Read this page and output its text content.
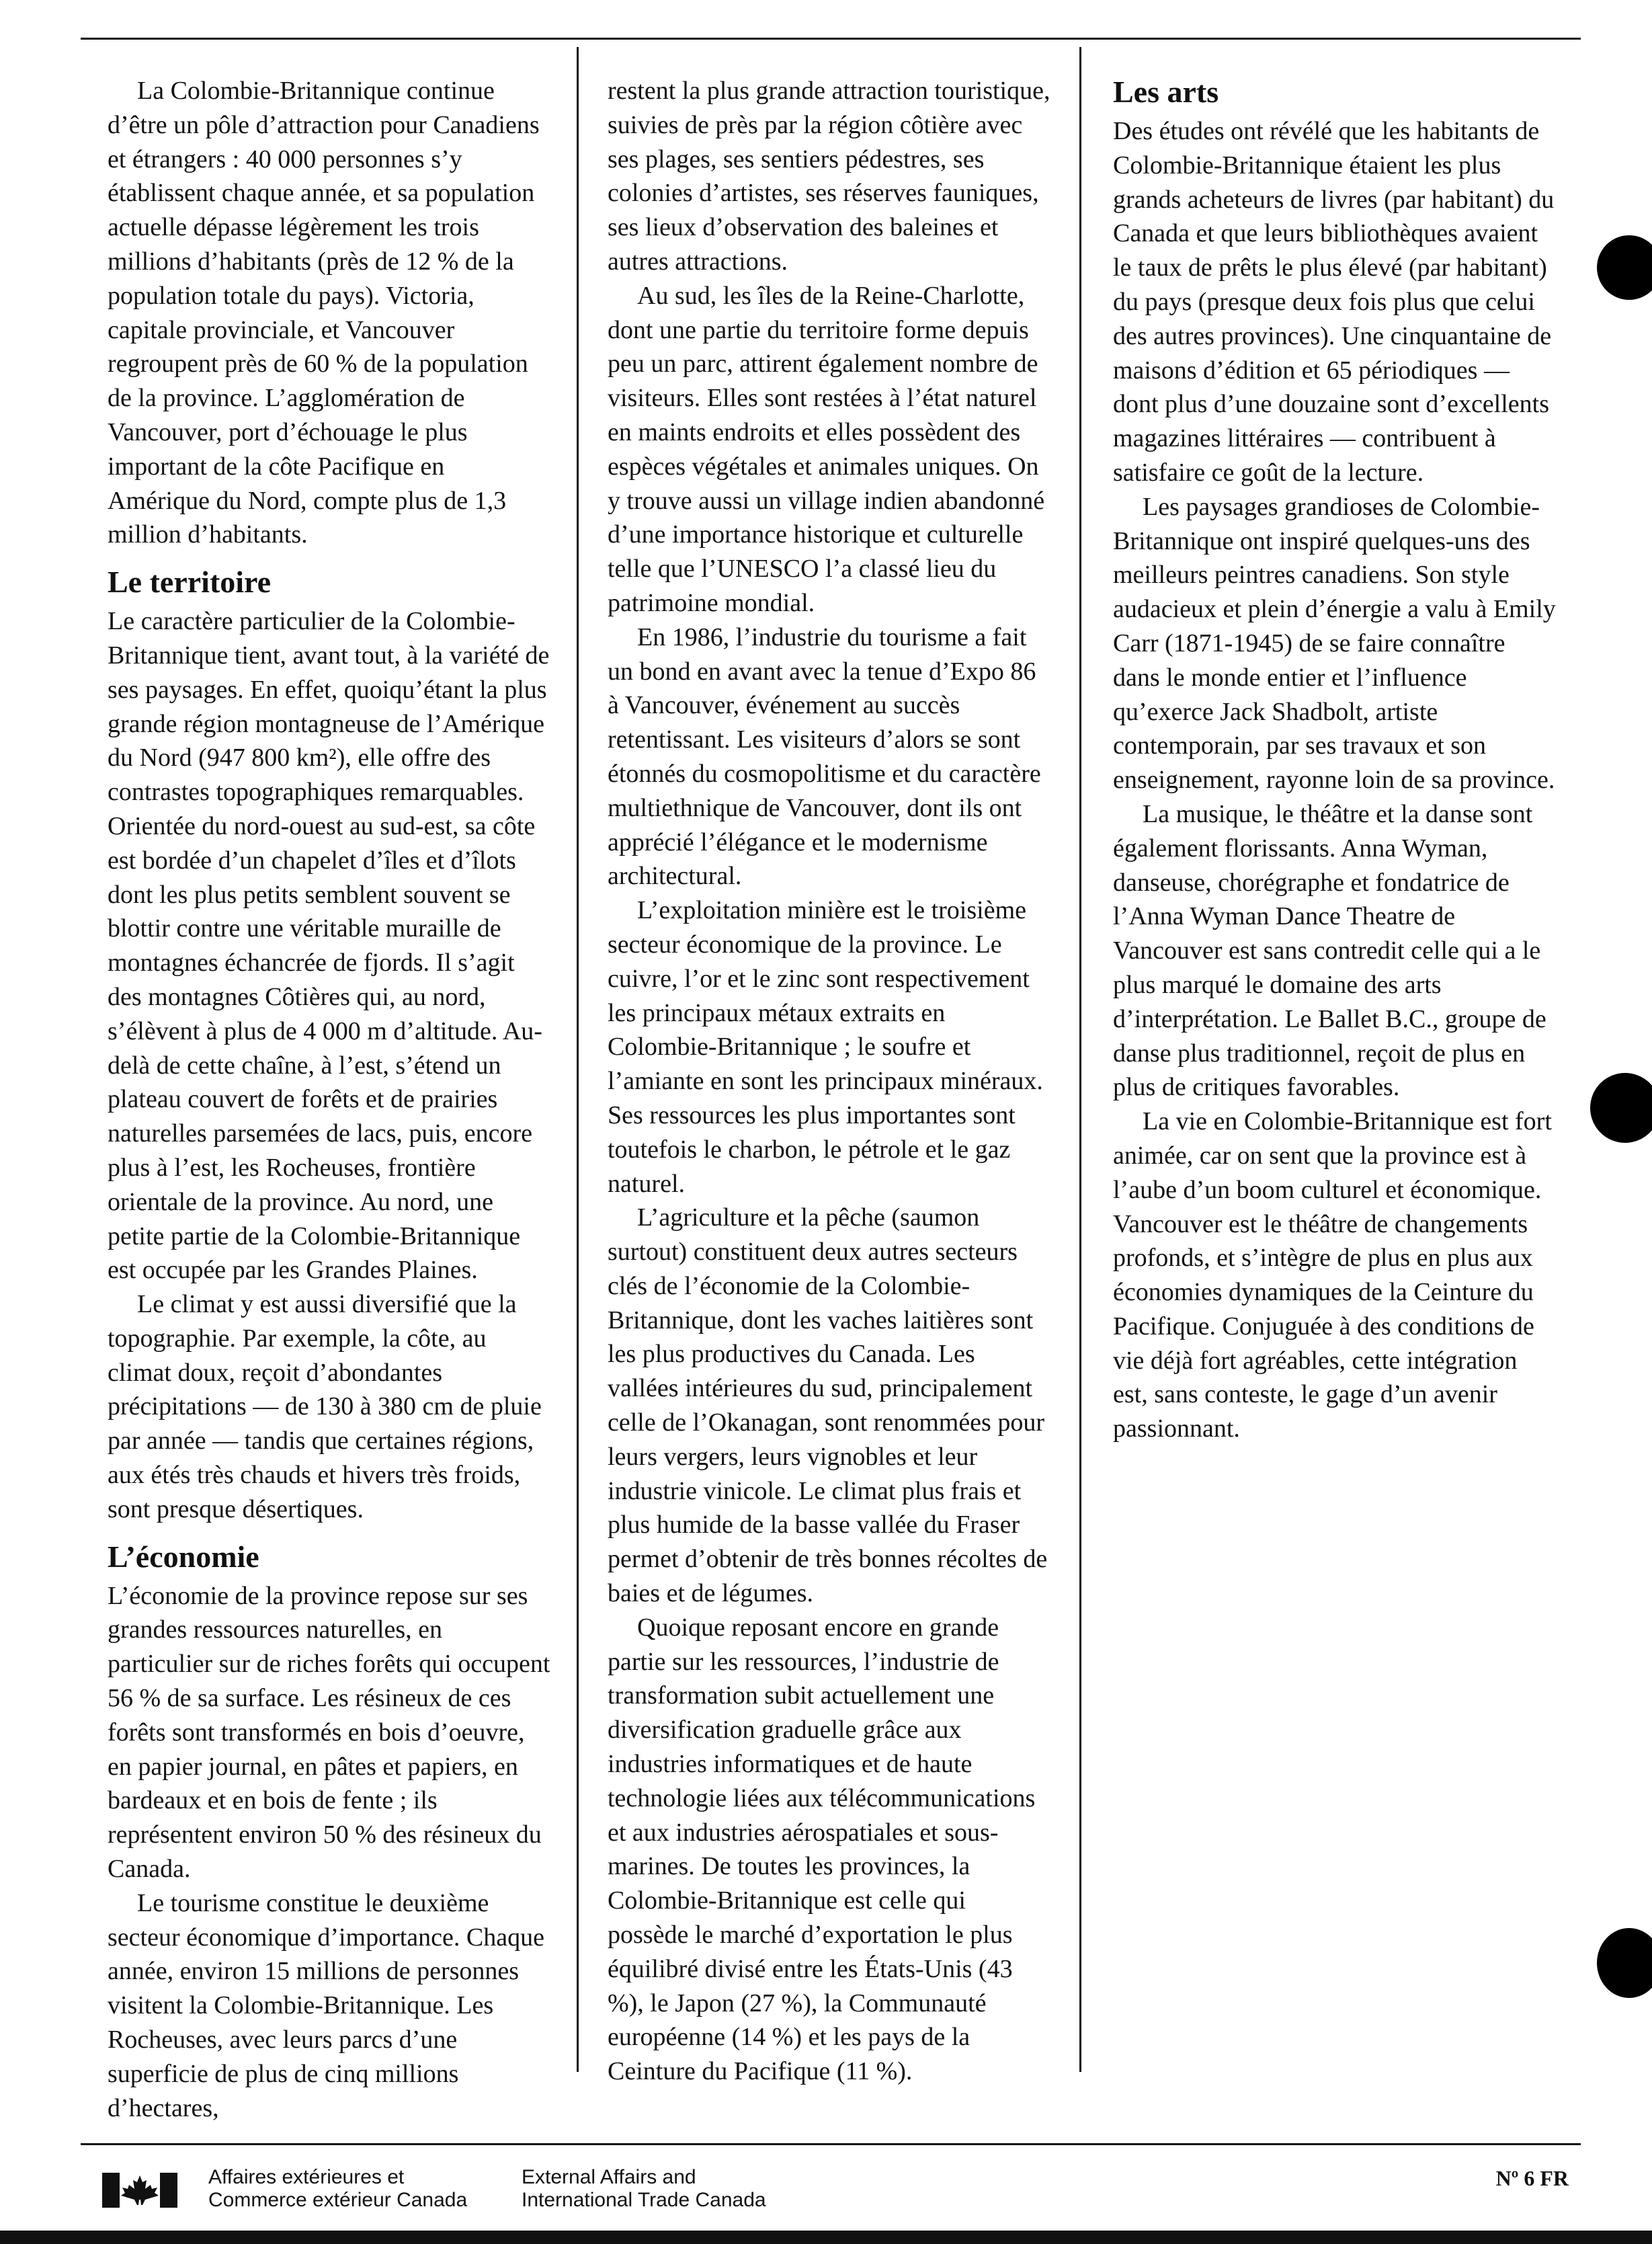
La Colombie-Britannique continue d’être un pôle d’attraction pour Canadiens et étrangers : 40 000 personnes s’y établissent chaque année, et sa population actuelle dépasse légèrement les trois millions d’habitants (près de 12 % de la population totale du pays). Victoria, capitale provinciale, et Vancouver regroupent près de 60 % de la population de la province. L’agglomération de Vancouver, port d’échouage le plus important de la côte Pacifique en Amérique du Nord, compte plus de 1,3 million d’habitants.

Le territoire

Le caractère particulier de la Colombie-Britannique tient, avant tout, à la variété de ses paysages. En effet, quoiqu’étant la plus grande région montagneuse de l’Amérique du Nord (947 800 km²), elle offre des contrastes topographiques remarquables. Orientée du nord-ouest au sud-est, sa côte est bordée d’un chapelet d’îles et d’îlots dont les plus petits semblent souvent se blottir contre une véritable muraille de montagnes échancrée de fjords. Il s’agit des montagnes Côtières qui, au nord, s’élèvent à plus de 4 000 m d’altitude. Au-delà de cette chaîne, à l’est, s’étend un plateau couvert de forêts et de prairies naturelles parsemées de lacs, puis, encore plus à l’est, les Rocheuses, frontière orientale de la province. Au nord, une petite partie de la Colombie-Britannique est occupée par les Grandes Plaines.

Le climat y est aussi diversifié que la topographie. Par exemple, la côte, au climat doux, reçoit d’abondantes précipitations — de 130 à 380 cm de pluie par année — tandis que certaines régions, aux étés très chauds et hivers très froids, sont presque désertiques.

L’économie

L’économie de la province repose sur ses grandes ressources naturelles, en particulier sur de riches forêts qui occupent 56 % de sa surface. Les résineux de ces forêts sont transformés en bois d’oeuvre, en papier journal, en pâtes et papiers, en bardeaux et en bois de fente ; ils représentent environ 50 % des résineux du Canada.

Le tourisme constitue le deuxième secteur économique d’importance. Chaque année, environ 15 millions de personnes visitent la Colombie-Britannique. Les Rocheuses, avec leurs parcs d’une superficie de plus de cinq millions d’hectares,

restent la plus grande attraction touristique, suivies de près par la région côtière avec ses plages, ses sentiers pédestres, ses colonies d’artistes, ses réserves fauniques, ses lieux d’observation des baleines et autres attractions.

Au sud, les îles de la Reine-Charlotte, dont une partie du territoire forme depuis peu un parc, attirent également nombre de visiteurs. Elles sont restées à l’état naturel en maints endroits et elles possèdent des espèces végétales et animales uniques. On y trouve aussi un village indien abandonné d’une importance historique et culturelle telle que l’UNESCO l’a classé lieu du patrimoine mondial.

En 1986, l’industrie du tourisme a fait un bond en avant avec la tenue d’Expo 86 à Vancouver, événement au succès retentissant. Les visiteurs d’alors se sont étonnés du cosmopolitisme et du caractère multiethnique de Vancouver, dont ils ont apprécié l’élégance et le modernisme architectural.

L’exploitation minière est le troisième secteur économique de la province. Le cuivre, l’or et le zinc sont respectivement les principaux métaux extraits en Colombie-Britannique ; le soufre et l’amiante en sont les principaux minéraux. Ses ressources les plus importantes sont toutefois le charbon, le pétrole et le gaz naturel.

L’agriculture et la pêche (saumon surtout) constituent deux autres secteurs clés de l’économie de la Colombie-Britannique, dont les vaches laitières sont les plus productives du Canada. Les vallées intérieures du sud, principalement celle de l’Okanagan, sont renommées pour leurs vergers, leurs vignobles et leur industrie vinicole. Le climat plus frais et plus humide de la basse vallée du Fraser permet d’obtenir de très bonnes récoltes de baies et de légumes.

Quoique reposant encore en grande partie sur les ressources, l’industrie de transformation subit actuellement une diversification graduelle grâce aux industries informatiques et de haute technologie liées aux télécommunications et aux industries aérospatiales et sous-marines. De toutes les provinces, la Colombie-Britannique est celle qui possède le marché d’exportation le plus équilibré divisé entre les États-Unis (43 %), le Japon (27 %), la Communauté européenne (14 %) et les pays de la Ceinture du Pacifique (11 %).

Les arts

Des études ont révélé que les habitants de Colombie-Britannique étaient les plus grands acheteurs de livres (par habitant) du Canada et que leurs bibliothèques avaient le taux de prêts le plus élevé (par habitant) du pays (presque deux fois plus que celui des autres provinces). Une cinquantaine de maisons d’édition et 65 périodiques — dont plus d’une douzaine sont d’excellents magazines littéraires — contribuent à satisfaire ce goût de la lecture.

Les paysages grandioses de Colombie-Britannique ont inspiré quelques-uns des meilleurs peintres canadiens. Son style audacieux et plein d’énergie a valu à Emily Carr (1871-1945) de se faire connaître dans le monde entier et l’influence qu’exerce Jack Shadbolt, artiste contemporain, par ses travaux et son enseignement, rayonne loin de sa province.

La musique, le théâtre et la danse sont également florissants. Anna Wyman, danseuse, chorégraphe et fondatrice de l’Anna Wyman Dance Theatre de Vancouver est sans contredit celle qui a le plus marqué le domaine des arts d’interprétation. Le Ballet B.C., groupe de danse plus traditionnel, reçoit de plus en plus de critiques favorables.

La vie en Colombie-Britannique est fort animée, car on sent que la province est à l’aube d’un boom culturel et économique. Vancouver est le théâtre de changements profonds, et s’intègre de plus en plus aux économies dynamiques de la Ceinture du Pacifique. Conjuguée à des conditions de vie déjà fort agréables, cette intégration est, sans conteste, le gage d’un avenir passionnant.

Affaires extérieures et
Commerce extérieur Canada
External Affairs and
International Trade Canada
Nº 6 FR
